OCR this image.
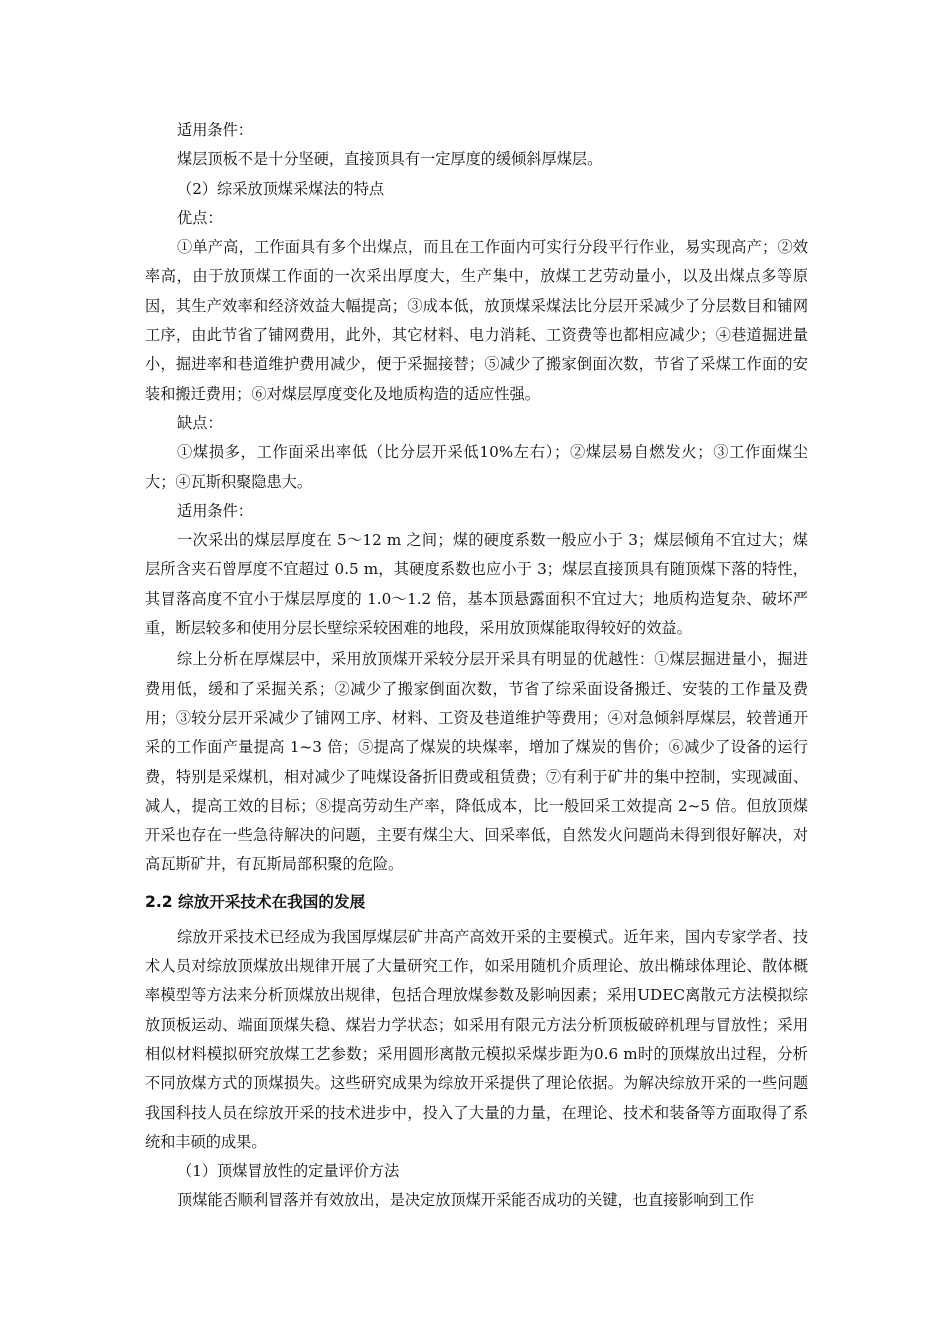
适用条件：

煤层顶板不是十分坚硬，直接顶具有一定厚度的缓倾斜厚煤层。

（2）综采放顶煤采煤法的特点

优点：

①单产高，工作面具有多个出煤点，而且在工作面内可实行分段平行作业，易实现高产；②效率高，由于放顶煤工作面的一次采出厚度大，生产集中，放煤工艺劳动量小，以及出煤点多等原因，其生产效率和经济效益大幅提高；③成本低，放顶煤采煤法比分层开采减少了分层数目和铺网工序，由此节省了铺网费用，此外，其它材料、电力消耗、工资费等也都相应减少；④巷道掘进量小，掘进率和巷道维护费用减少，便于采掘接替；⑤减少了搬家倒面次数，节省了采煤工作面的安装和搬迁费用；⑥对煤层厚度变化及地质构造的适应性强。

缺点：

①煤损多，工作面采出率低（比分层开采低10%左右）；②煤层易自燃发火；③工作面煤尘大；④瓦斯积聚隐患大。

适用条件：

一次采出的煤层厚度在 5～12 m 之间；煤的硬度系数一般应小于 3；煤层倾角不宜过大；煤层所含夹石曾厚度不宜超过 0.5 m，其硬度系数也应小于 3；煤层直接顶具有随顶煤下落的特性，其冒落高度不宜小于煤层厚度的 1.0～1.2 倍，基本顶悬露面积不宜过大；地质构造复杂、破坏严重，断层较多和使用分层长壁综采较困难的地段，采用放顶煤能取得较好的效益。

综上分析在厚煤层中，采用放顶煤开采较分层开采具有明显的优越性：①煤层掘进量小，掘进费用低，缓和了采掘关系；②减少了搬家倒面次数，节省了综采面设备搬迁、安装的工作量及费用；③较分层开采减少了铺网工序、材料、工资及巷道维护等费用；④对急倾斜厚煤层，较普通开采的工作面产量提高 1~3 倍；⑤提高了煤炭的块煤率，增加了煤炭的售价；⑥减少了设备的运行费，特别是采煤机，相对减少了吨煤设备折旧费或租赁费；⑦有利于矿井的集中控制，实现减面、减人，提高工效的目标；⑧提高劳动生产率，降低成本，比一般回采工效提高 2~5 倍。但放顶煤开采也存在一些急待解决的问题，主要有煤尘大、回采率低，自然发火问题尚未得到很好解决，对高瓦斯矿井，有瓦斯局部积聚的危险。

2.2 综放开采技术在我国的发展

综放开采技术已经成为我国厚煤层矿井高产高效开采的主要模式。近年来，国内专家学者、技术人员对综放顶煤放出规律开展了大量研究工作，如采用随机介质理论、放出椭球体理论、散体概率模型等方法来分析顶煤放出规律，包括合理放煤参数及影响因素；采用UDEC离散元方法模拟综放顶板运动、端面顶煤失稳、煤岩力学状态；如采用有限元方法分析顶板破碎机理与冒放性；采用相似材料模拟研究放煤工艺参数；采用圆形离散元模拟采煤步距为0.6 m时的顶煤放出过程，分析不同放煤方式的顶煤损失。这些研究成果为综放开采提供了理论依据。为解决综放开采的一些问题我国科技人员在综放开采的技术进步中，投入了大量的力量，在理论、技术和装备等方面取得了系统和丰硕的成果。

（1）顶煤冒放性的定量评价方法

顶煤能否顺利冒落并有效放出，是决定放顶煤开采能否成功的关键，也直接影响到工作
